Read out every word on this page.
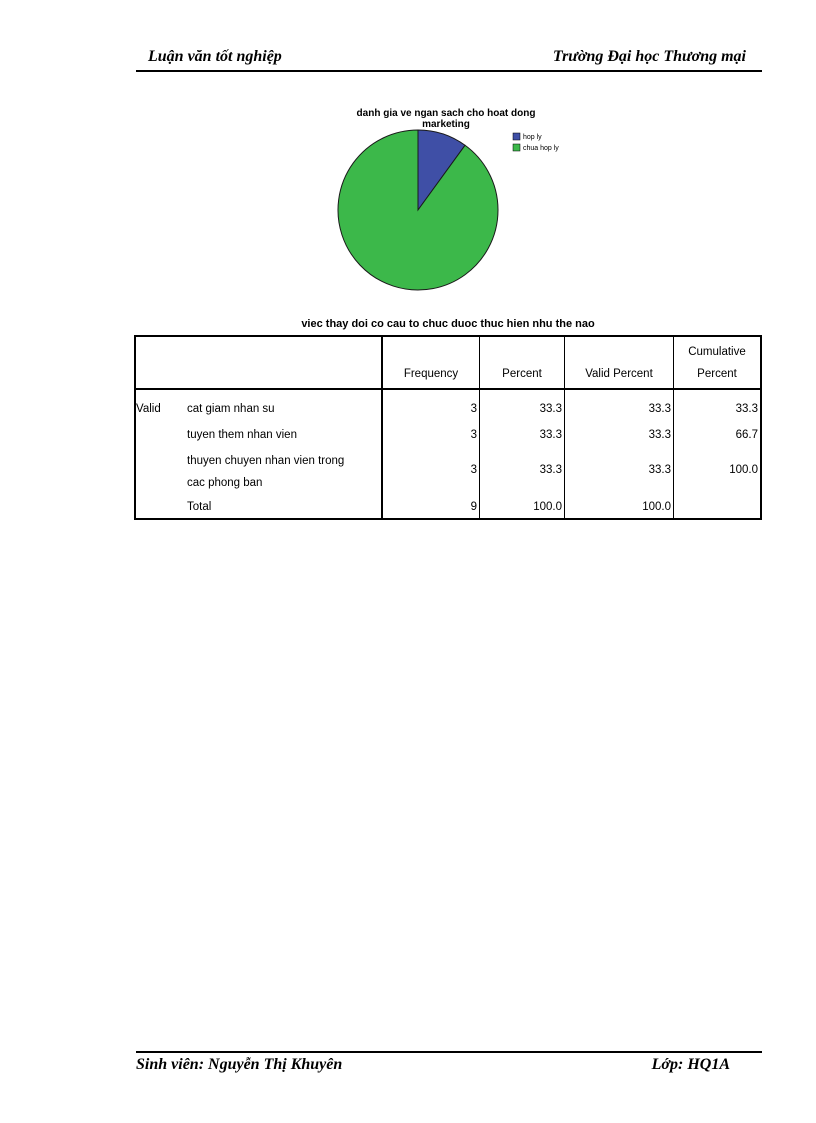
Luận văn tốt nghiệp	Trường Đại học Thương mại
danh gia ve ngan sach cho hoat dong
marketing
hop ly
chua hop ly
viec thay doi co cau to chuc duoc thuc hien nhu the nao
		Frequency	Percent	Valid Percent	Cumulative
Percent

Valid	cat giam nhan su	3	33.3	33.3	33.3
	tuyen them nhan vien	3	33.3	33.3	66.7

	thuyen chuyen nhan vien trong
cac phong ban	3	33.3	33.3	100.0
	Total	9	100.0	100.0	
Sinh viên: Nguyễn Thị Khuyên	Lớp: HQ1A
